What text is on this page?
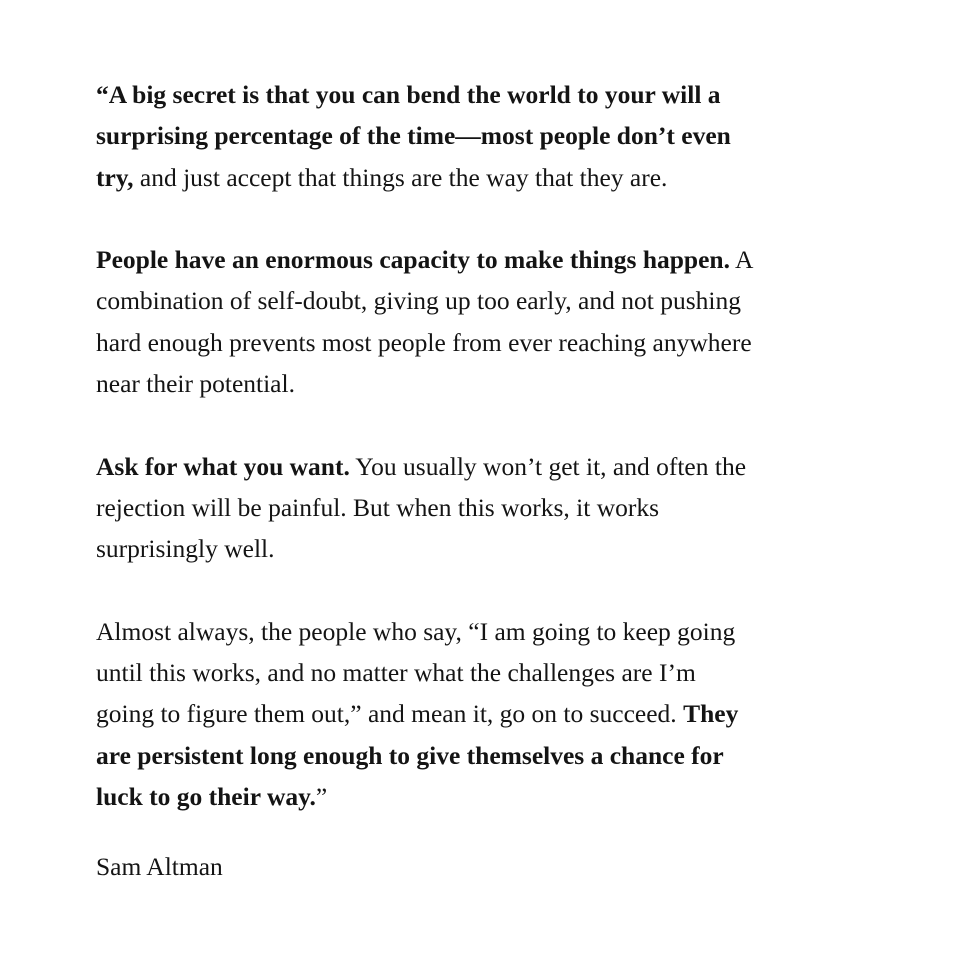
“A big secret is that you can bend the world to your will a
surprising percentage of the time—most people don’t even
try, and just accept that things are the way that they are.

People have an enormous capacity to make things happen. A
combination of self-doubt, giving up too early, and not pushing
hard enough prevents most people from ever reaching anywhere
near their potential.

Ask for what you want. You usually won’t get it, and often the
rejection will be painful. But when this works, it works
surprisingly well.

Almost always, the people who say, “I am going to keep going
until this works, and no matter what the challenges are I’m
going to figure them out,” and mean it, go on to succeed. They
are persistent long enough to give themselves a chance for
luck to go their way.”

Sam Altman
